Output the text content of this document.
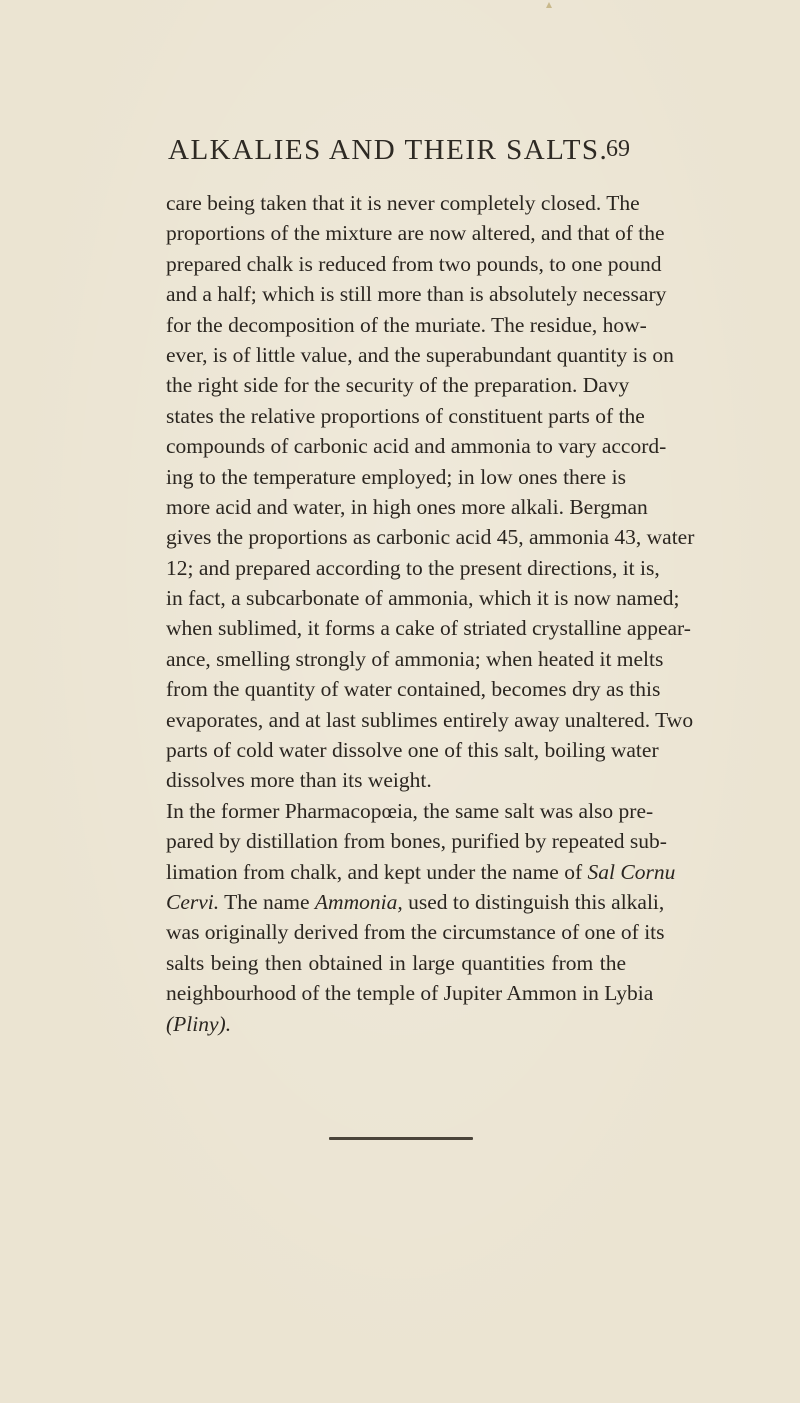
ALKALIES AND THEIR SALTS.
69
care being taken that it is never completely closed. The
proportions of the mixture are now altered, and that of the
prepared chalk is reduced from two pounds, to one pound
and a half; which is still more than is absolutely necessary
for the decomposition of the muriate. The residue, how-
ever, is of little value, and the superabundant quantity is on
the right side for the security of the preparation. Davy
states the relative proportions of constituent parts of the
compounds of carbonic acid and ammonia to vary accord-
ing to the temperature employed; in low ones there is
more acid and water, in high ones more alkali. Bergman
gives the proportions as carbonic acid 45, ammonia 43, water
12; and prepared according to the present directions, it is,
in fact, a subcarbonate of ammonia, which it is now named;
when sublimed, it forms a cake of striated crystalline appear-
ance, smelling strongly of ammonia; when heated it melts
from the quantity of water contained, becomes dry as this
evaporates, and at last sublimes entirely away unaltered. Two
parts of cold water dissolve one of this salt, boiling water
dissolves more than its weight.
In the former Pharmacopœia, the same salt was also pre-
pared by distillation from bones, purified by repeated sub-
limation from chalk, and kept under the name of Sal Cornu
Cervi. The name Ammonia, used to distinguish this alkali,
was originally derived from the circumstance of one of its
salts being then obtained in large quantities from the
neighbourhood of the temple of Jupiter Ammon in Lybia
(Pliny).
